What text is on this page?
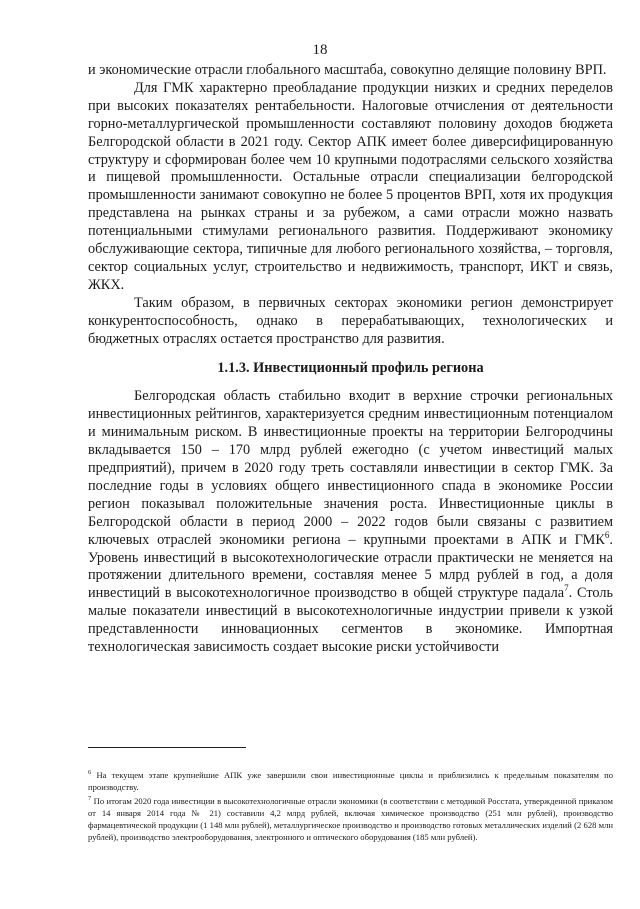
18

и экономические отрасли глобального масштаба, совокупно делящие половину ВРП.

Для ГМК характерно преобладание продукции низких и средних переделов при высоких показателях рентабельности. Налоговые отчисления от деятельности горно-металлургической промышленности составляют половину доходов бюджета Белгородской области в 2021 году. Сектор АПК имеет более диверсифицированную структуру и сформирован более чем 10 крупными подотраслями сельского хозяйства и пищевой промышленности. Остальные отрасли специализации белгородской промышленности занимают совокупно не более 5 процентов ВРП, хотя их продукция представлена на рынках страны и за рубежом, а сами отрасли можно назвать потенциальными стимулами регионального развития. Поддерживают экономику обслуживающие сектора, типичные для любого регионального хозяйства, – торговля, сектор социальных услуг, строительство и недвижимость, транспорт, ИКТ и связь, ЖКХ.

Таким образом, в первичных секторах экономики регион демонстрирует конкурентоспособность, однако в перерабатывающих, технологических и бюджетных отраслях остается пространство для развития.

1.1.3. Инвестиционный профиль региона

Белгородская область стабильно входит в верхние строчки региональных инвестиционных рейтингов, характеризуется средним инвестиционным потенциалом и минимальным риском. В инвестиционные проекты на территории Белгородчины вкладывается 150 – 170 млрд рублей ежегодно (с учетом инвестиций малых предприятий), причем в 2020 году треть составляли инвестиции в сектор ГМК. За последние годы в условиях общего инвестиционного спада в экономике России регион показывал положительные значения роста. Инвестиционные циклы в Белгородской области в период 2000 – 2022 годов были связаны с развитием ключевых отраслей экономики региона – крупными проектами в АПК и ГМК$^6$. Уровень инвестиций в высокотехнологические отрасли практически не меняется на протяжении длительного времени, составляя менее 5 млрд рублей в год, а доля инвестиций в высокотехнологичное производство в общей структуре падала$^7$. Столь малые показатели инвестиций в высокотехнологичные индустрии привели к узкой представленности инновационных сегментов в экономике. Импортная технологическая зависимость создает высокие риски устойчивости

$^6$ На текущем этапе крупнейшие АПК уже завершили свои инвестиционные циклы и приблизились к предельным показателям по производству.

$^7$ По итогам 2020 года инвестиции в высокотехнологичные отрасли экономики (в соответствии с методикой Росстата, утвержденной приказом от 14 января 2014 года № 21) составили 4,2 млрд рублей, включая химическое производство (251 млн рублей), производство фармацевтической продукции (1 148 млн рублей), металлургическое производство и производство готовых металлических изделий (2 628 млн рублей), производство электрооборудования, электронного и оптического оборудования (185 млн рублей).
